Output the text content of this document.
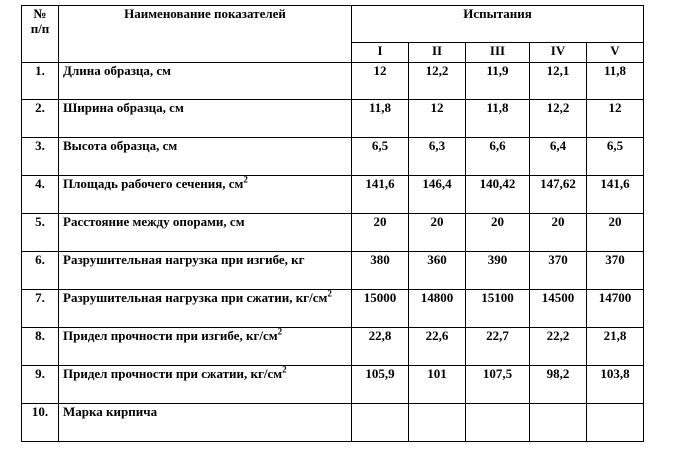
№
п/п	Наименование показателей	Испытания				
		I	II	III	IV	V
1.	Длина образца, см	12	12,2	11,9	12,1	11,8
2.	Ширина образца, см	11,8	12	11,8	12,2	12
3.	Высота образца, см	6,5	6,3	6,6	6,4	6,5
4.	Площадь рабочего сечения, $см^2$	141,6	146,4	140,42	147,62	141,6
5.	Расстояние между опорами, см	20	20	20	20	20
6.	Разрушительная нагрузка при изгибе, кг	380	360	390	370	370
7.	Разрушительная нагрузка при сжатии, $кг/см^2$	15000	14800	15100	14500	14700
8.	Придел прочности при изгибе, $кг/см^2$	22,8	22,6	22,7	22,2	21,8
9.	Придел прочности при сжатии, $кг/см^2$	105,9	101	107,5	98,2	103,8
10.	Марка кирпича					
